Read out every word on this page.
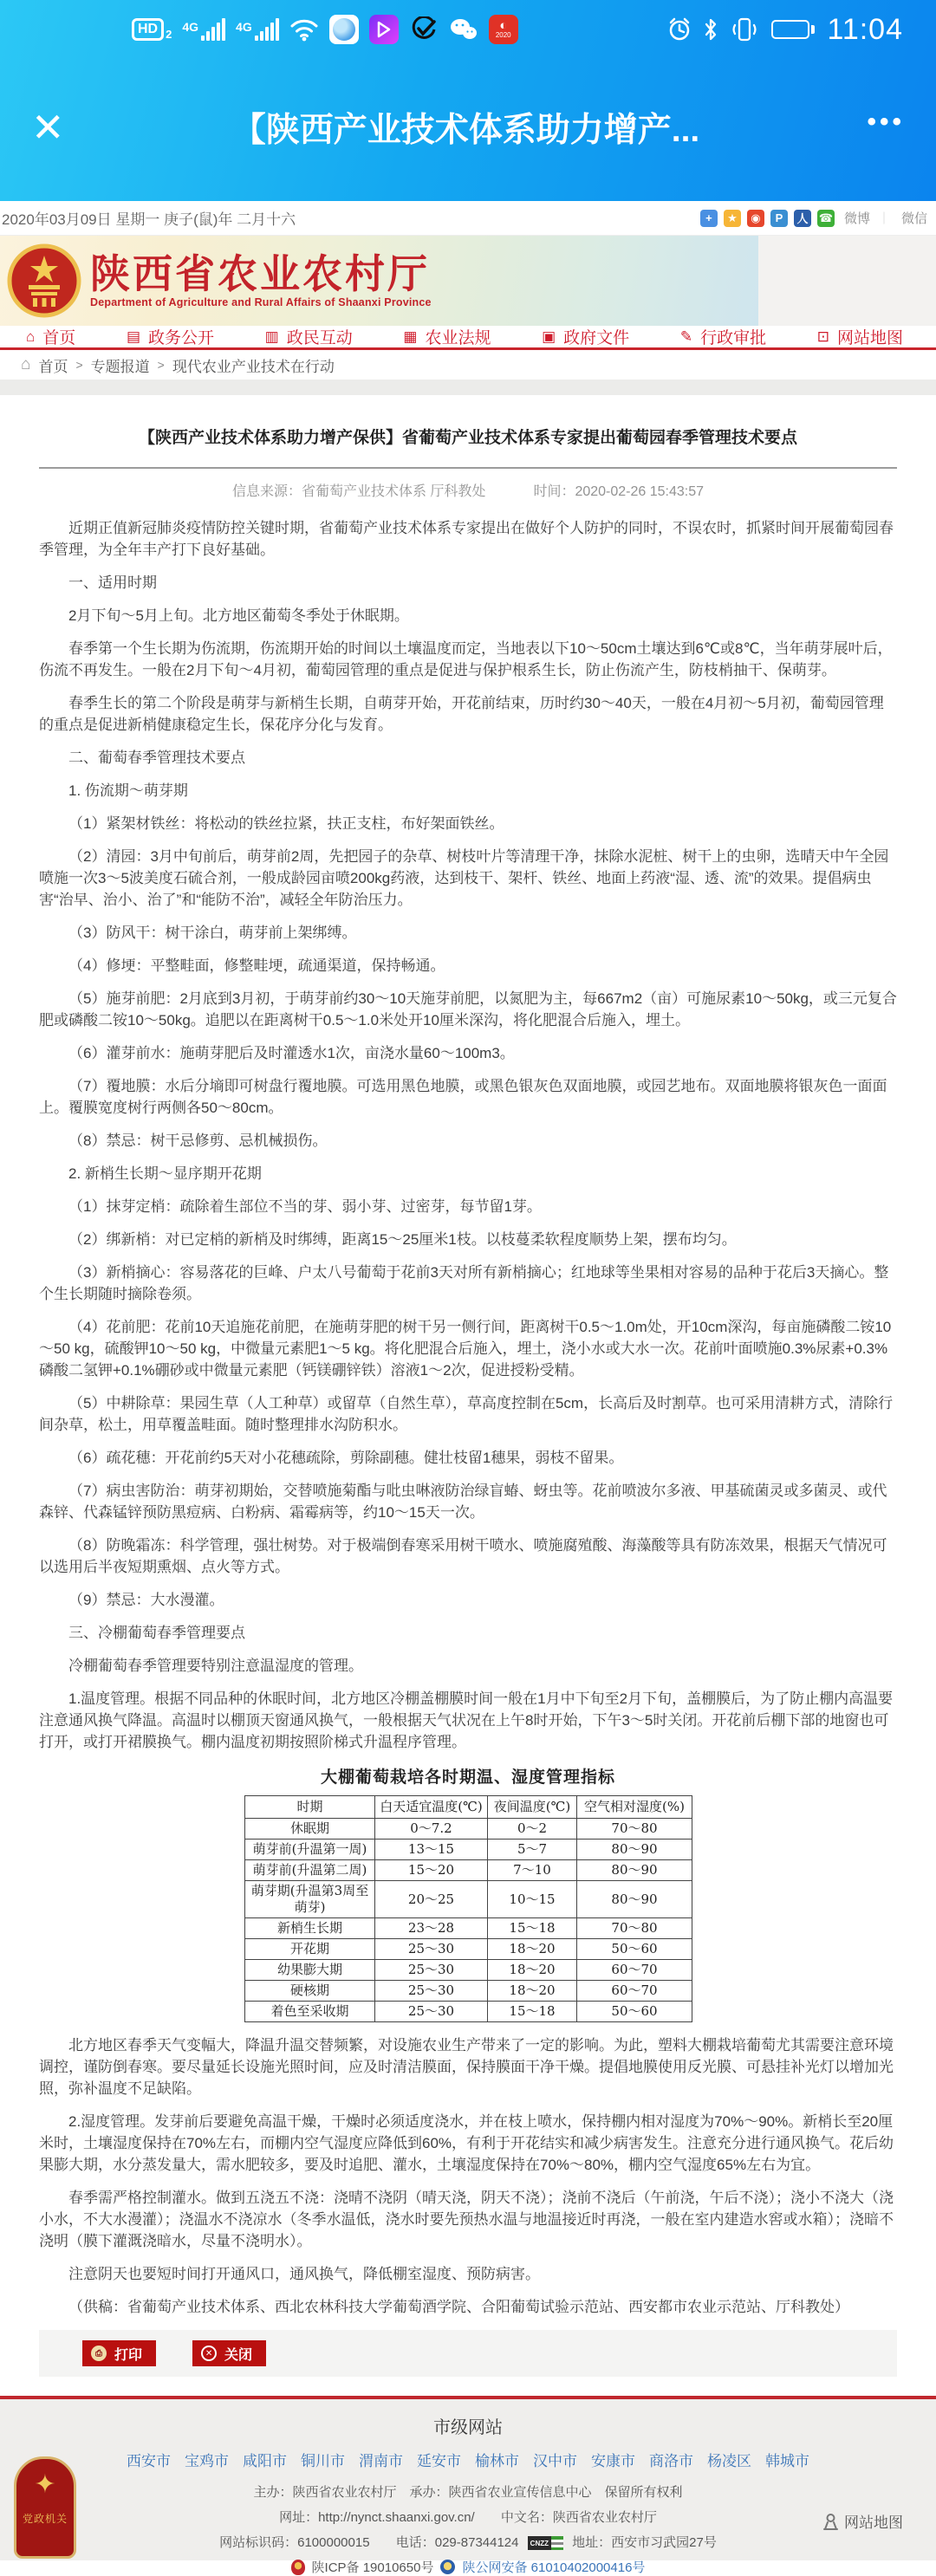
HD 2
4G	4G	◐
2020	11:04
✕	【陕西产业技术体系助力增产...	•••
2020年03月09日 星期一 庚子(鼠)年 二月十六	+	★	◉	P	人 ☎ 微博 ｜ 微信
陕西省农业农村厅
Department of Agriculture and Rural Affairs of Shaanxi Province
⌂ 首页	▤ 政务公开	▥ 政民互动	▦ 农业法规	▣ 政府文件	✎ 行政审批	⊡ 网站地图
⌂ 首页 > 专题报道 > 现代农业产业技术在行动
【陕西产业技术体系助力增产保供】省葡萄产业技术体系专家提出葡萄园春季管理技术要点
信息来源：省葡萄产业技术体系 厅科教处	时间：2020-02-26 15:43:57

近期正值新冠肺炎疫情防控关键时期，省葡萄产业技术体系专家提出在做好个人防护的同时，不误农时，抓紧时间开展葡萄园春季管理，为全年丰产打下良好基础。

一、适用时期

2月下旬～5月上旬。北方地区葡萄冬季处于休眠期。

春季第一个生长期为伤流期，伤流期开始的时间以土壤温度而定，当地表以下10～50cm土壤达到6℃或8℃，当年萌芽展叶后，伤流不再发生。一般在2月下旬～4月初，葡萄园管理的重点是促进与保护根系生长，防止伤流产生，防枝梢抽干、保萌芽。

春季生长的第二个阶段是萌芽与新梢生长期，自萌芽开始，开花前结束，历时约30～40天，一般在4月初～5月初，葡萄园管理的重点是促进新梢健康稳定生长，保花序分化与发育。

二、葡萄春季管理技术要点

1. 伤流期～萌芽期

（1）紧架材铁丝：将松动的铁丝拉紧，扶正支柱，布好架面铁丝。

（2）清园：3月中旬前后，萌芽前2周，先把园子的杂草、树枝叶片等清理干净，抹除水泥桩、树干上的虫卵，选晴天中午全园喷施一次3～5波美度石硫合剂，一般成龄园亩喷200kg药液，达到枝干、架杆、铁丝、地面上药液“湿、透、流”的效果。提倡病虫害“治早、治小、治了”和“能防不治”，减轻全年防治压力。

（3）防风干：树干涂白，萌芽前上架绑缚。

（4）修埂：平整畦面，修整畦埂，疏通渠道，保持畅通。

（5）施芽前肥：2月底到3月初，于萌芽前约30～10天施芽前肥，以氮肥为主，每667m2（亩）可施尿素10～50kg，或三元复合肥或磷酸二铵10～50kg。追肥以在距离树干0.5～1.0米处开10厘米深沟，将化肥混合后施入，埋土。

（6）灌芽前水：施萌芽肥后及时灌透水1次，亩浇水量60～100m3。

（7）覆地膜：水后分墒即可树盘行覆地膜。可选用黑色地膜，或黑色银灰色双面地膜，或园艺地布。双面地膜将银灰色一面面上。覆膜宽度树行两侧各50～80cm。

（8）禁忌：树干忌修剪、忌机械损伤。

2. 新梢生长期～显序期开花期

（1）抹芽定梢：疏除着生部位不当的芽、弱小芽、过密芽，每节留1芽。

（2）绑新梢：对已定梢的新梢及时绑缚，距离15～25厘米1枝。以枝蔓柔软程度顺势上架，摆布均匀。

（3）新梢摘心：容易落花的巨峰、户太八号葡萄于花前3天对所有新梢摘心；红地球等坐果相对容易的品种于花后3天摘心。整个生长期随时摘除卷须。

（4）花前肥：花前10天追施花前肥，在施萌芽肥的树干另一侧行间，距离树干0.5～1.0m处，开10cm深沟，每亩施磷酸二铵10～50 kg，硫酸钾10～50 kg，中微量元素肥1～5 kg。将化肥混合后施入，埋土，浇小水或大水一次。花前叶面喷施0.3%尿素+0.3%磷酸二氢钾+0.1%硼砂或中微量元素肥（钙镁硼锌铁）溶液1～2次，促进授粉受精。

（5）中耕除草：果园生草（人工种草）或留草（自然生草），草高度控制在5cm，长高后及时割草。也可采用清耕方式，清除行间杂草，松土，用草覆盖畦面。随时整理排水沟防积水。

（6）疏花穗：开花前约5天对小花穗疏除，剪除副穗。健壮枝留1穗果，弱枝不留果。

（7）病虫害防治：萌芽初期始，交替喷施菊酯与吡虫啉液防治绿盲蝽、蚜虫等。花前喷波尔多液、甲基硫菌灵或多菌灵、或代森锌、代森锰锌预防黑痘病、白粉病、霜霉病等，约10～15天一次。

（8）防晚霜冻：科学管理，强壮树势。对于极端倒春寒采用树干喷水、喷施腐殖酸、海藻酸等具有防冻效果，根据天气情况可以选用后半夜短期熏烟、点火等方式。

（9）禁忌：大水漫灌。

三、冷棚葡萄春季管理要点

冷棚葡萄春季管理要特别注意温湿度的管理。

1.温度管理。根据不同品种的休眠时间，北方地区冷棚盖棚膜时间一般在1月中下旬至2月下旬，盖棚膜后，为了防止棚内高温要注意通风换气降温。高温时以棚顶天窗通风换气，一般根据天气状况在上午8时开始，下午3～5时关闭。开花前后棚下部的地窗也可打开，或打开裙膜换气。棚内温度初期按照阶梯式升温程序管理。

大棚葡萄栽培各时期温、湿度管理指标
时期	白天适宜温度(℃)	夜间温度(℃)	空气相对湿度(%)
休眠期	0～7.2	0～2	70～80
萌芽前(升温第一周)	13～15	5～7	80～90
萌芽前(升温第二周)	15～20	7～10	80～90
萌芽期(升温第3周至萌芽)	20～25	10～15	80～90
新梢生长期	23～28	15～18	70～80
开花期	25～30	18～20	50～60
幼果膨大期	25～30	18～20	60～70
硬核期	25～30	18～20	60～70
着色至采收期	25～30	15～18	50～60

北方地区春季天气变幅大，降温升温交替频繁，对设施农业生产带来了一定的影响。为此，塑料大棚栽培葡萄尤其需要注意环境调控，谨防倒春寒。要尽量延长设施光照时间，应及时清洁膜面，保持膜面干净干燥。提倡地膜使用反光膜、可悬挂补光灯以增加光照，弥补温度不足缺陷。

2.湿度管理。发芽前后要避免高温干燥，干燥时必须适度浇水，并在枝上喷水，保持棚内相对湿度为70%～90%。新梢长至20厘米时，土壤湿度保持在70%左右，而棚内空气湿度应降低到60%，有利于开花结实和减少病害发生。注意充分进行通风换气。花后幼果膨大期，水分蒸发量大，需水肥较多，要及时追肥、灌水，土壤湿度保持在70%～80%，棚内空气湿度65%左右为宜。

春季需严格控制灌水。做到五浇五不浇：浇晴不浇阴（晴天浇，阴天不浇）；浇前不浇后（午前浇，午后不浇）；浇小不浇大（浇小水，不大水漫灌）；浇温水不浇凉水（冬季水温低，浇水时要先预热水温与地温接近时再浇，一般在室内建造水窖或水箱）；浇暗不浇明（膜下灌溉浇暗水，尽量不浇明水）。

注意阴天也要短时间打开通风口，通风换气，降低棚室湿度、预防病害。

（供稿：省葡萄产业技术体系、西北农林科技大学葡萄酒学院、合阳葡萄试验示范站、西安都市农业示范站、厅科教处）

⎙ 打印	✕ 关闭
市级网站
西安市 宝鸡市 咸阳市 铜川市 渭南市 延安市 榆林市 汉中市 安康市 商洛市 杨凌区 韩城市
主办：陕西省农业农村厅　承办：陕西省农业宣传信息中心　保留所有权利
网址：http://nynct.shaanxi.gov.cn/ 中文名：陕西省农业农村厅
网站标识码：6100000015 电话：029-87344124	CNZZ 地址：西安市习武园27号
陕ICP备 19010650号 陕公网安备 61010402000416号
✦
党政机关	网站地图
